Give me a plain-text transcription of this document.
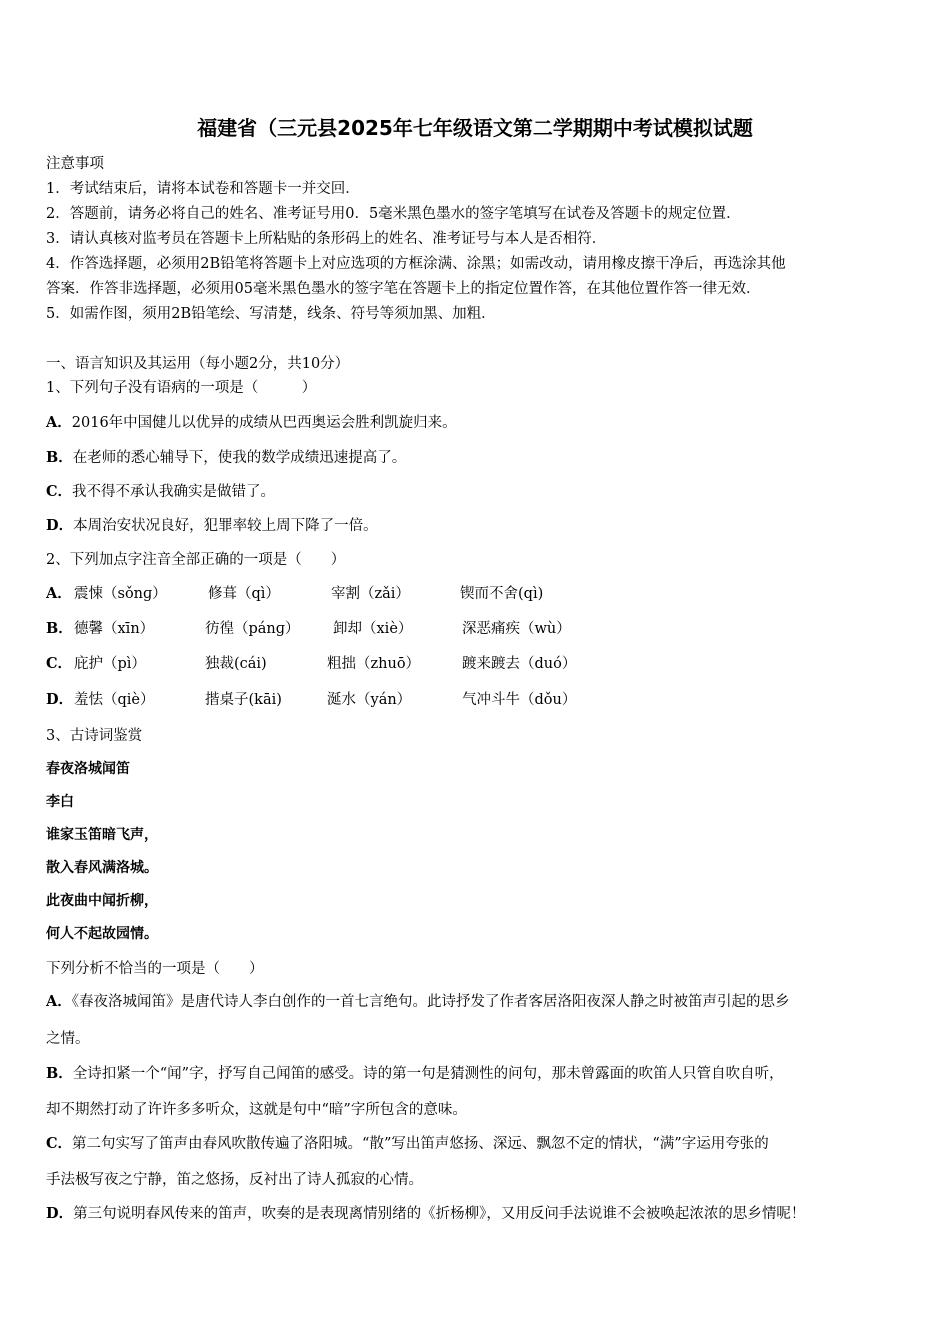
福建省（三元县2025年七年级语文第二学期期中考试模拟试题
注意事项
1．考试结束后，请将本试卷和答题卡一并交回．
2．答题前，请务必将自己的姓名、准考证号用0．5毫米黑色墨水的签字笔填写在试卷及答题卡的规定位置．
3．请认真核对监考员在答题卡上所粘贴的条形码上的姓名、准考证号与本人是否相符．
4．作答选择题，必须用2B铅笔将答题卡上对应选项的方框涂满、涂黑；如需改动，请用橡皮擦干净后，再选涂其他
答案．作答非选择题，必须用05毫米黑色墨水的签字笔在答题卡上的指定位置作答，在其他位置作答一律无效．
5．如需作图，须用2B铅笔绘、写清楚，线条、符号等须加黑、加粗．
一、语言知识及其运用（每小题2分，共10分）
1、下列句子没有语病的一项是（　　　）
A．2016年中国健儿以优异的成绩从巴西奥运会胜利凯旋归来。
B．在老师的悉心辅导下，使我的数学成绩迅速提高了。
C．我不得不承认我确实是做错了。
D．本周治安状况良好，犯罪率较上周下降了一倍。
2、下列加点字注音全部正确的一项是（　　）
A． 震悚（sǒnɡ）	修葺（qì）	宰割（zǎi）	锲而不舍(qì)
B． 德馨（xīn）	彷徨（pánɡ） 卸却（xiè）	深恶痛疾（wù）
C． 庇护（pì）	独裁(cái)	粗拙（zhuō）	踱来踱去（duó）
D． 羞怯（qiè）	揩桌子(kāi)	涎水（yán）	气冲斗牛（dǒu）
3、古诗词鉴赏
春夜洛城闻笛
李白
谁家玉笛暗飞声，
散入春风满洛城。
此夜曲中闻折柳，
何人不起故园情。
下列分析不恰当的一项是（　　）
A．《春夜洛城闻笛》是唐代诗人李白创作的一首七言绝句。此诗抒发了作者客居洛阳夜深人静之时被笛声引起的思乡
之情。
B．全诗扣紧一个“闻”字，抒写自己闻笛的感受。诗的第一句是猜测性的问句，那未曾露面的吹笛人只管自吹自听，
却不期然打动了许许多多听众，这就是句中“暗”字所包含的意味。
C．第二句实写了笛声由春风吹散传遍了洛阳城。“散”写出笛声悠扬、深远、飘忽不定的情状，“满”字运用夸张的
手法极写夜之宁静，笛之悠扬，反衬出了诗人孤寂的心情。
D．第三句说明春风传来的笛声，吹奏的是表现离情别绪的《折杨柳》，又用反问手法说谁不会被唤起浓浓的思乡情呢！
